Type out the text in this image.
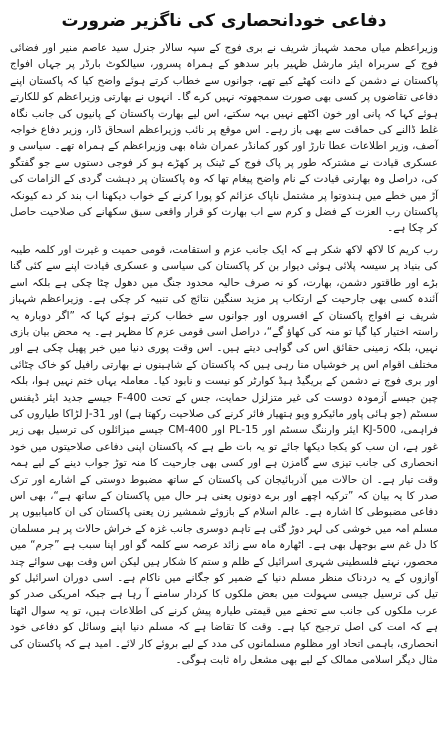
دفاعی خودانحصاری کی ناگزیر ضرورت

وزیراعظم میاں محمد شہباز شریف نے بری فوج کے سپہ سالار جنرل سید عاصم منیر اور فضائی فوج کے سربراہ ایئر مارشل ظہیر بابر سدھو کے ہمراہ پسرور، سیالکوٹ بارڈر پر جہاں افواج پاکستان نے دشمن کے دانت کھٹے کیے تھے، جوانوں سے خطاب کرتے ہوئے واضح کیا کہ پاکستان اپنے دفاعی تقاضوں پر کسی بھی صورت سمجھوتہ نہیں کرے گا۔ انہوں نے بھارتی وزیراعظم کو للکارتے ہوئے کہا کہ پانی اور خون اکٹھے نہیں بہہ سکتے، اس لیے بھارت پاکستان کے پانیوں کی جانب نگاہ غلط ڈالنے کی حماقت سے بھی باز رہے۔ اس موقع پر نائب وزیراعظم اسحاق ڈار، وزیر دفاع خواجہ آصف، وزیر اطلاعات عطا تارڑ اور کور کمانڈر عمران شاہ بھی وزیراعظم کے ہمراہ تھے۔ سیاسی و عسکری قیادت نے مشترکہ طور پر پاک فوج کے ٹینک پر کھڑے ہو کر فوجی دستوں سے جو گفتگو کی، دراصل وہ بھارتی قیادت کے نام واضح پیغام تھا کہ وہ پاکستان پر دہشت گردی کے الزامات کی آڑ میں خطے میں ہندوتوا پر مشتمل ناپاک عزائم کو پورا کرنے کے خواب دیکھنا اب بند کر دے کیونکہ پاکستان رب العزت کے فضل و کرم سے اب بھارت کو قرار واقعی سبق سکھانے کی صلاحیت حاصل کر چکا ہے۔

رب کریم کا لاکھ لاکھ شکر ہے کہ ایک جانب عزم و استقامت، قومی حمیت و غیرت اور کلمہ طیبہ کی بنیاد پر سیسہ پلائی ہوئی دیوار بن کر پاکستان کی سیاسی و عسکری قیادت اپنے سے کئی گنا بڑے اور طاقتور دشمن، بھارت، کو نہ صرف حالیہ محدود جنگ میں دھول چٹا چکی ہے بلکہ اسے آئندہ کسی بھی جارحیت کے ارتکاب پر مزید سنگین نتائج کی تنبیہ کر چکی ہے۔ وزیراعظم شہباز شریف نے افواج پاکستان کے افسروں اور جوانوں سے خطاب کرتے ہوئے کہا کہ ”اگر دوبارہ یہ راستہ اختیار کیا گیا تو منہ کی کھاؤ گے“، دراصل اسی قومی عزم کا مظہر ہے۔ یہ محض بیان بازی نہیں، بلکہ زمینی حقائق اس کی گواہی دیتے ہیں۔ اس وقت پوری دنیا میں خبر پھیل چکی ہے اور مختلف اقوام اس پر خوشیاں منا رہی ہیں کہ پاکستان کے شاہینوں نے بھارتی رافیل کو خاک چٹائی اور بری فوج نے دشمن کے بریگیڈ ہیڈ کوارٹر کو نیست و نابود کیا۔ معاملہ یہاں ختم نہیں ہوا، بلکہ چین جیسے آزمودہ دوست کی غیر متزلزل حمایت، جس کے تحت 400-F جیسے جدید ایئر ڈیفنس سسٹم (جو ہائی پاور مائیکرو ویو ہتھیار فائر کرنے کی صلاحیت رکھتا ہے) اور 31-J لڑاکا طیاروں کی فراہمی، 500-KJ ایئر وارننگ سسٹم اور 15-PL اور 400-CM جیسے میزائلوں کی ترسیل بھی زیر غور ہے، ان سب کو یکجا دیکھا جائے تو یہ بات طے ہے کہ پاکستان اپنی دفاعی صلاحیتوں میں خود انحصاری کی جانب تیزی سے گامزن ہے اور کسی بھی جارحیت کا منہ توڑ جواب دینے کے لیے ہمہ وقت تیار ہے۔ ان حالات میں آذربائیجان کی پاکستان کے ساتھ مضبوط دوستی کے اشارے اور ترک صدر کا یہ بیان کہ ”ترکیہ اچھے اور برے دونوں یعنی ہر حال میں پاکستان کے ساتھ ہے“، بھی اس دفاعی مضبوطی کا اشارہ ہے۔ عالم اسلام کے بازوئے شمشیر زن یعنی پاکستان کی ان کامیابیوں پر مسلم امہ میں خوشی کی لہر دوڑ گئی ہے تاہم دوسری جانب غزہ کے خراش حالات پر ہر مسلمان کا دل غم سے بوجھل بھی ہے۔ اٹھارہ ماہ سے زائد عرصہ سے کلمہ گو اور اپنا سبب ہے ”جرم“ میں محصور، نہتے فلسطینی شہری اسرائیل کے ظلم و ستم کا شکار ہیں لیکن اس وقت بھی سوائے چند آوازوں کے یہ دردناک منظر مسلم دنیا کے ضمیر کو جگانے میں ناکام ہے۔ اسی دوران اسرائیل کو تیل کی ترسیل جیسی سہولت میں بعض ملکوں کا کردار سامنے آ رہا ہے جبکہ امریکی صدر کو عرب ملکوں کی جانب سے تحفے میں قیمتی طیارہ پیش کرنے کی اطلاعات ہیں، تو یہ سوال اٹھتا ہے کہ امت کی اصل ترجیح کیا ہے۔ وقت کا تقاضا ہے کہ مسلم دنیا اپنے وسائل کو دفاعی خود انحصاری، باہمی اتحاد اور مظلوم مسلمانوں کی مدد کے لیے بروئے کار لائے۔ امید ہے کہ پاکستان کی مثال دیگر اسلامی ممالک کے لیے بھی مشعل راہ ثابت ہوگی۔
